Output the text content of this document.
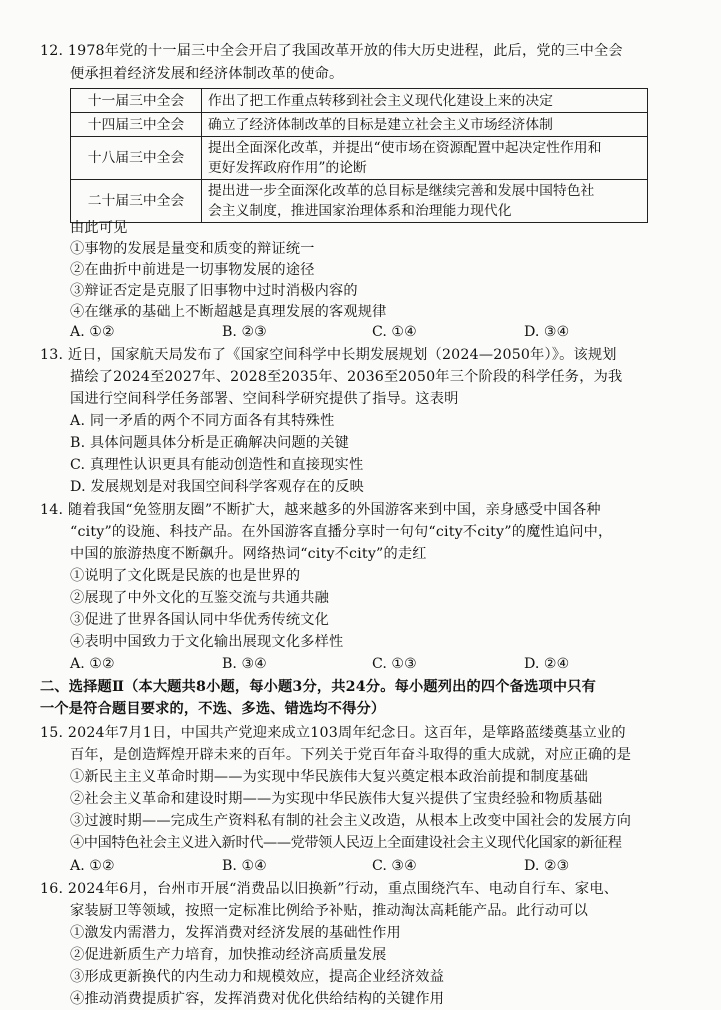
12. 1978年党的十一届三中全会开启了我国改革开放的伟大历史进程，此后，党的三中全会
便承担着经济发展和经济体制改革的使命。
十一届三中全会	作出了把工作重点转移到社会主义现代化建设上来的决定
十四届三中全会	确立了经济体制改革的目标是建立社会主义市场经济体制
十八届三中全会	提出全面深化改革，并提出“使市场在资源配置中起决定性作用和
更好发挥政府作用”的论断

二十届三中全会	提出进一步全面深化改革的总目标是继续完善和发展中国特色社
会主义制度，推进国家治理体系和治理能力现代化
由此可见
①事物的发展是量变和质变的辩证统一
②在曲折中前进是一切事物发展的途径
③辩证否定是克服了旧事物中过时消极内容的
④在继承的基础上不断超越是真理发展的客观规律
A. ①②	B. ②③	C. ①④	D. ③④
13. 近日，国家航天局发布了《国家空间科学中长期发展规划（2024—2050年）》。该规划
描绘了2024至2027年、2028至2035年、2036至2050年三个阶段的科学任务，为我
国进行空间科学任务部署、空间科学研究提供了指导。这表明
A. 同一矛盾的两个不同方面各有其特殊性
B. 具体问题具体分析是正确解决问题的关键
C. 真理性认识更具有能动创造性和直接现实性
D. 发展规划是对我国空间科学客观存在的反映
14. 随着我国“免签朋友圈”不断扩大，越来越多的外国游客来到中国，亲身感受中国各种
“city”的设施、科技产品。在外国游客直播分享时一句句“city不city”的魔性追问中，
中国的旅游热度不断飙升。网络热词“city不city”的走红
①说明了文化既是民族的也是世界的
②展现了中外文化的互鉴交流与共通共融
③促进了世界各国认同中华优秀传统文化
④表明中国致力于文化输出展现文化多样性
A. ①②	B. ③④	C. ①③	D. ②④
二、选择题Ⅱ（本大题共8小题，每小题3分，共24分。每小题列出的四个备选项中只有
一个是符合题目要求的，不选、多选、错选均不得分）
15. 2024年7月1日，中国共产党迎来成立103周年纪念日。这百年，是筚路蓝缕奠基立业的
百年，是创造辉煌开辟未来的百年。下列关于党百年奋斗取得的重大成就，对应正确的是
①新民主主义革命时期——为实现中华民族伟大复兴奠定根本政治前提和制度基础
②社会主义革命和建设时期——为实现中华民族伟大复兴提供了宝贵经验和物质基础
③过渡时期——完成生产资料私有制的社会主义改造，从根本上改变中国社会的发展方向
④中国特色社会主义进入新时代——党带领人民迈上全面建设社会主义现代化国家的新征程
A. ①②	B. ①④	C. ③④	D. ②③
16. 2024年6月，台州市开展“消费品以旧换新”行动，重点围绕汽车、电动自行车、家电、
家装厨卫等领域，按照一定标准比例给予补贴，推动淘汰高耗能产品。此行动可以
①激发内需潜力，发挥消费对经济发展的基础性作用
②促进新质生产力培育，加快推动经济高质量发展
③形成更新换代的内生动力和规模效应，提高企业经济效益
④推动消费提质扩容，发挥消费对优化供给结构的关键作用
